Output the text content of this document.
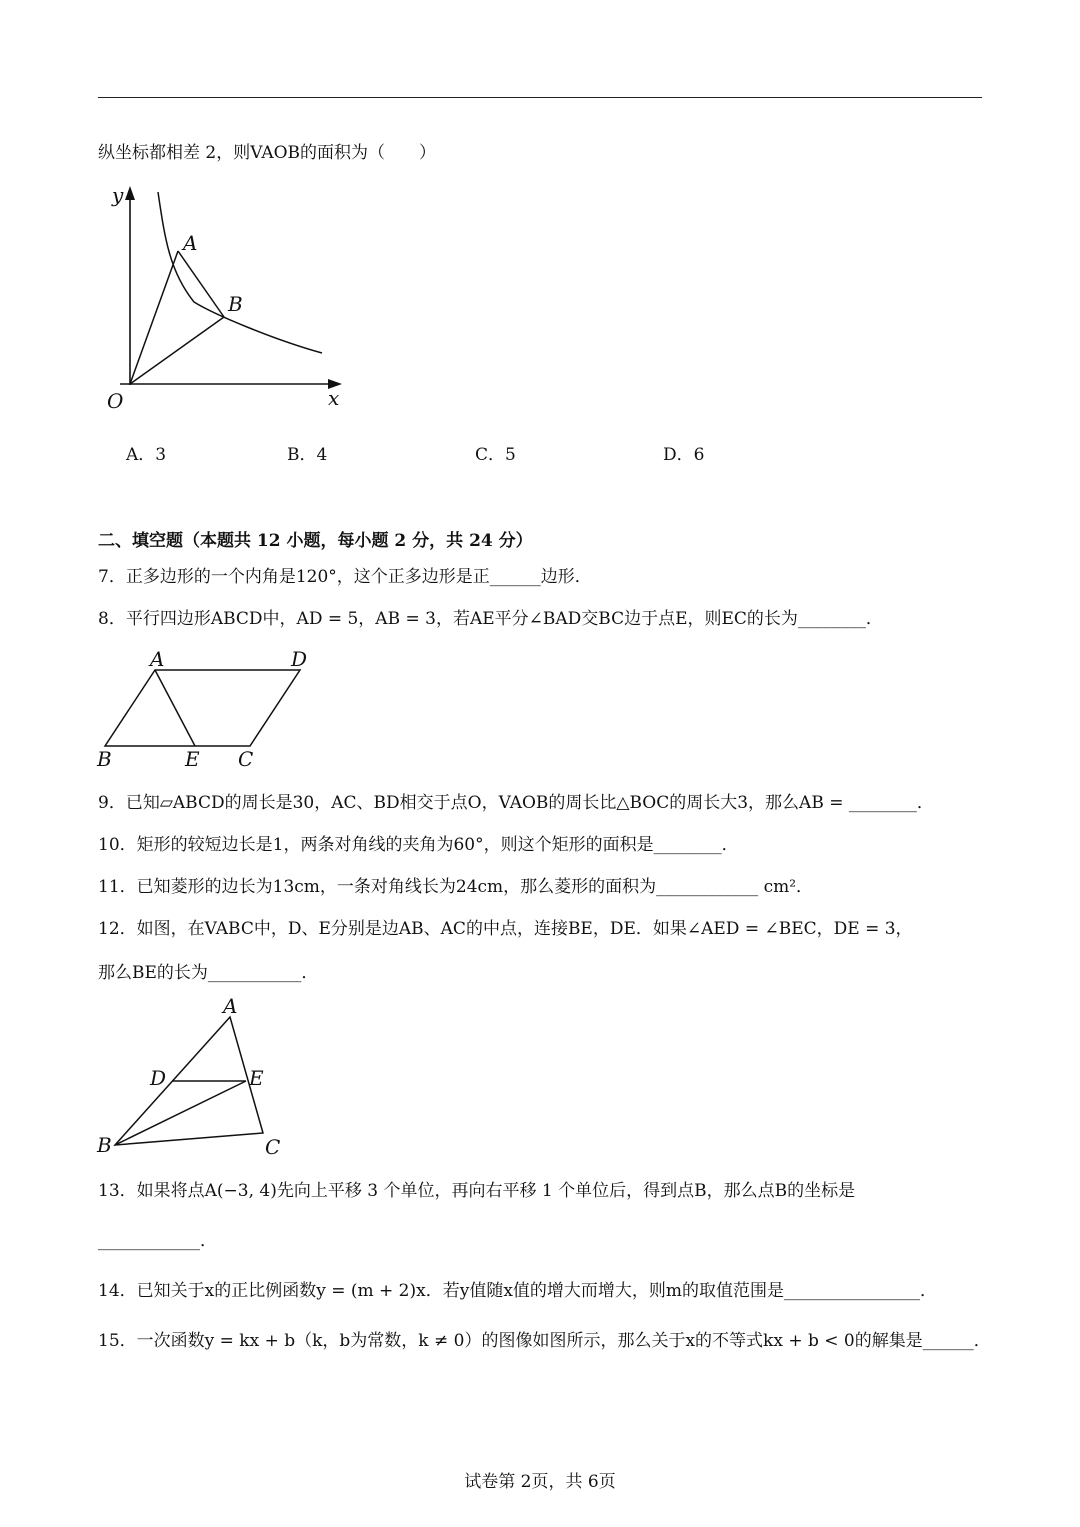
纵坐标都相差 2，则VAOB的面积为（　　）
y
x
O
A
B
A．3	B．4	C．5	D．6
二、填空题（本题共 12 小题，每小题 2 分，共 24 分）
7．正多边形的一个内角是120°，这个正多边形是正______边形．
8．平行四边形ABCD中，AD = 5，AB = 3，若AE平分∠BAD交BC边于点E，则EC的长为________．
A	D
B	E C
9．已知▱ABCD的周长是30，AC、BD相交于点O，VAOB的周长比△BOC的周长大3，那么AB = ________．
10．矩形的较短边长是1，两条对角线的夹角为60°，则这个矩形的面积是________．
11．已知菱形的边长为13cm，一条对角线长为24cm，那么菱形的面积为____________ cm²．
12．如图，在VABC中，D、E分别是边AB、AC的中点，连接BE，DE．如果∠AED = ∠BEC，DE = 3，
那么BE的长为___________．
A
D	E
B	C
13．如果将点A(−3, 4)先向上平移 3 个单位，再向右平移 1 个单位后，得到点B，那么点B的坐标是
____________．
14．已知关于x的正比例函数y = (m + 2)x．若y值随x值的增大而增大，则m的取值范围是________________．
15．一次函数y = kx + b（k，b为常数，k ≠ 0）的图像如图所示，那么关于x的不等式kx + b < 0的解集是______．
试卷第 2页，共 6页
